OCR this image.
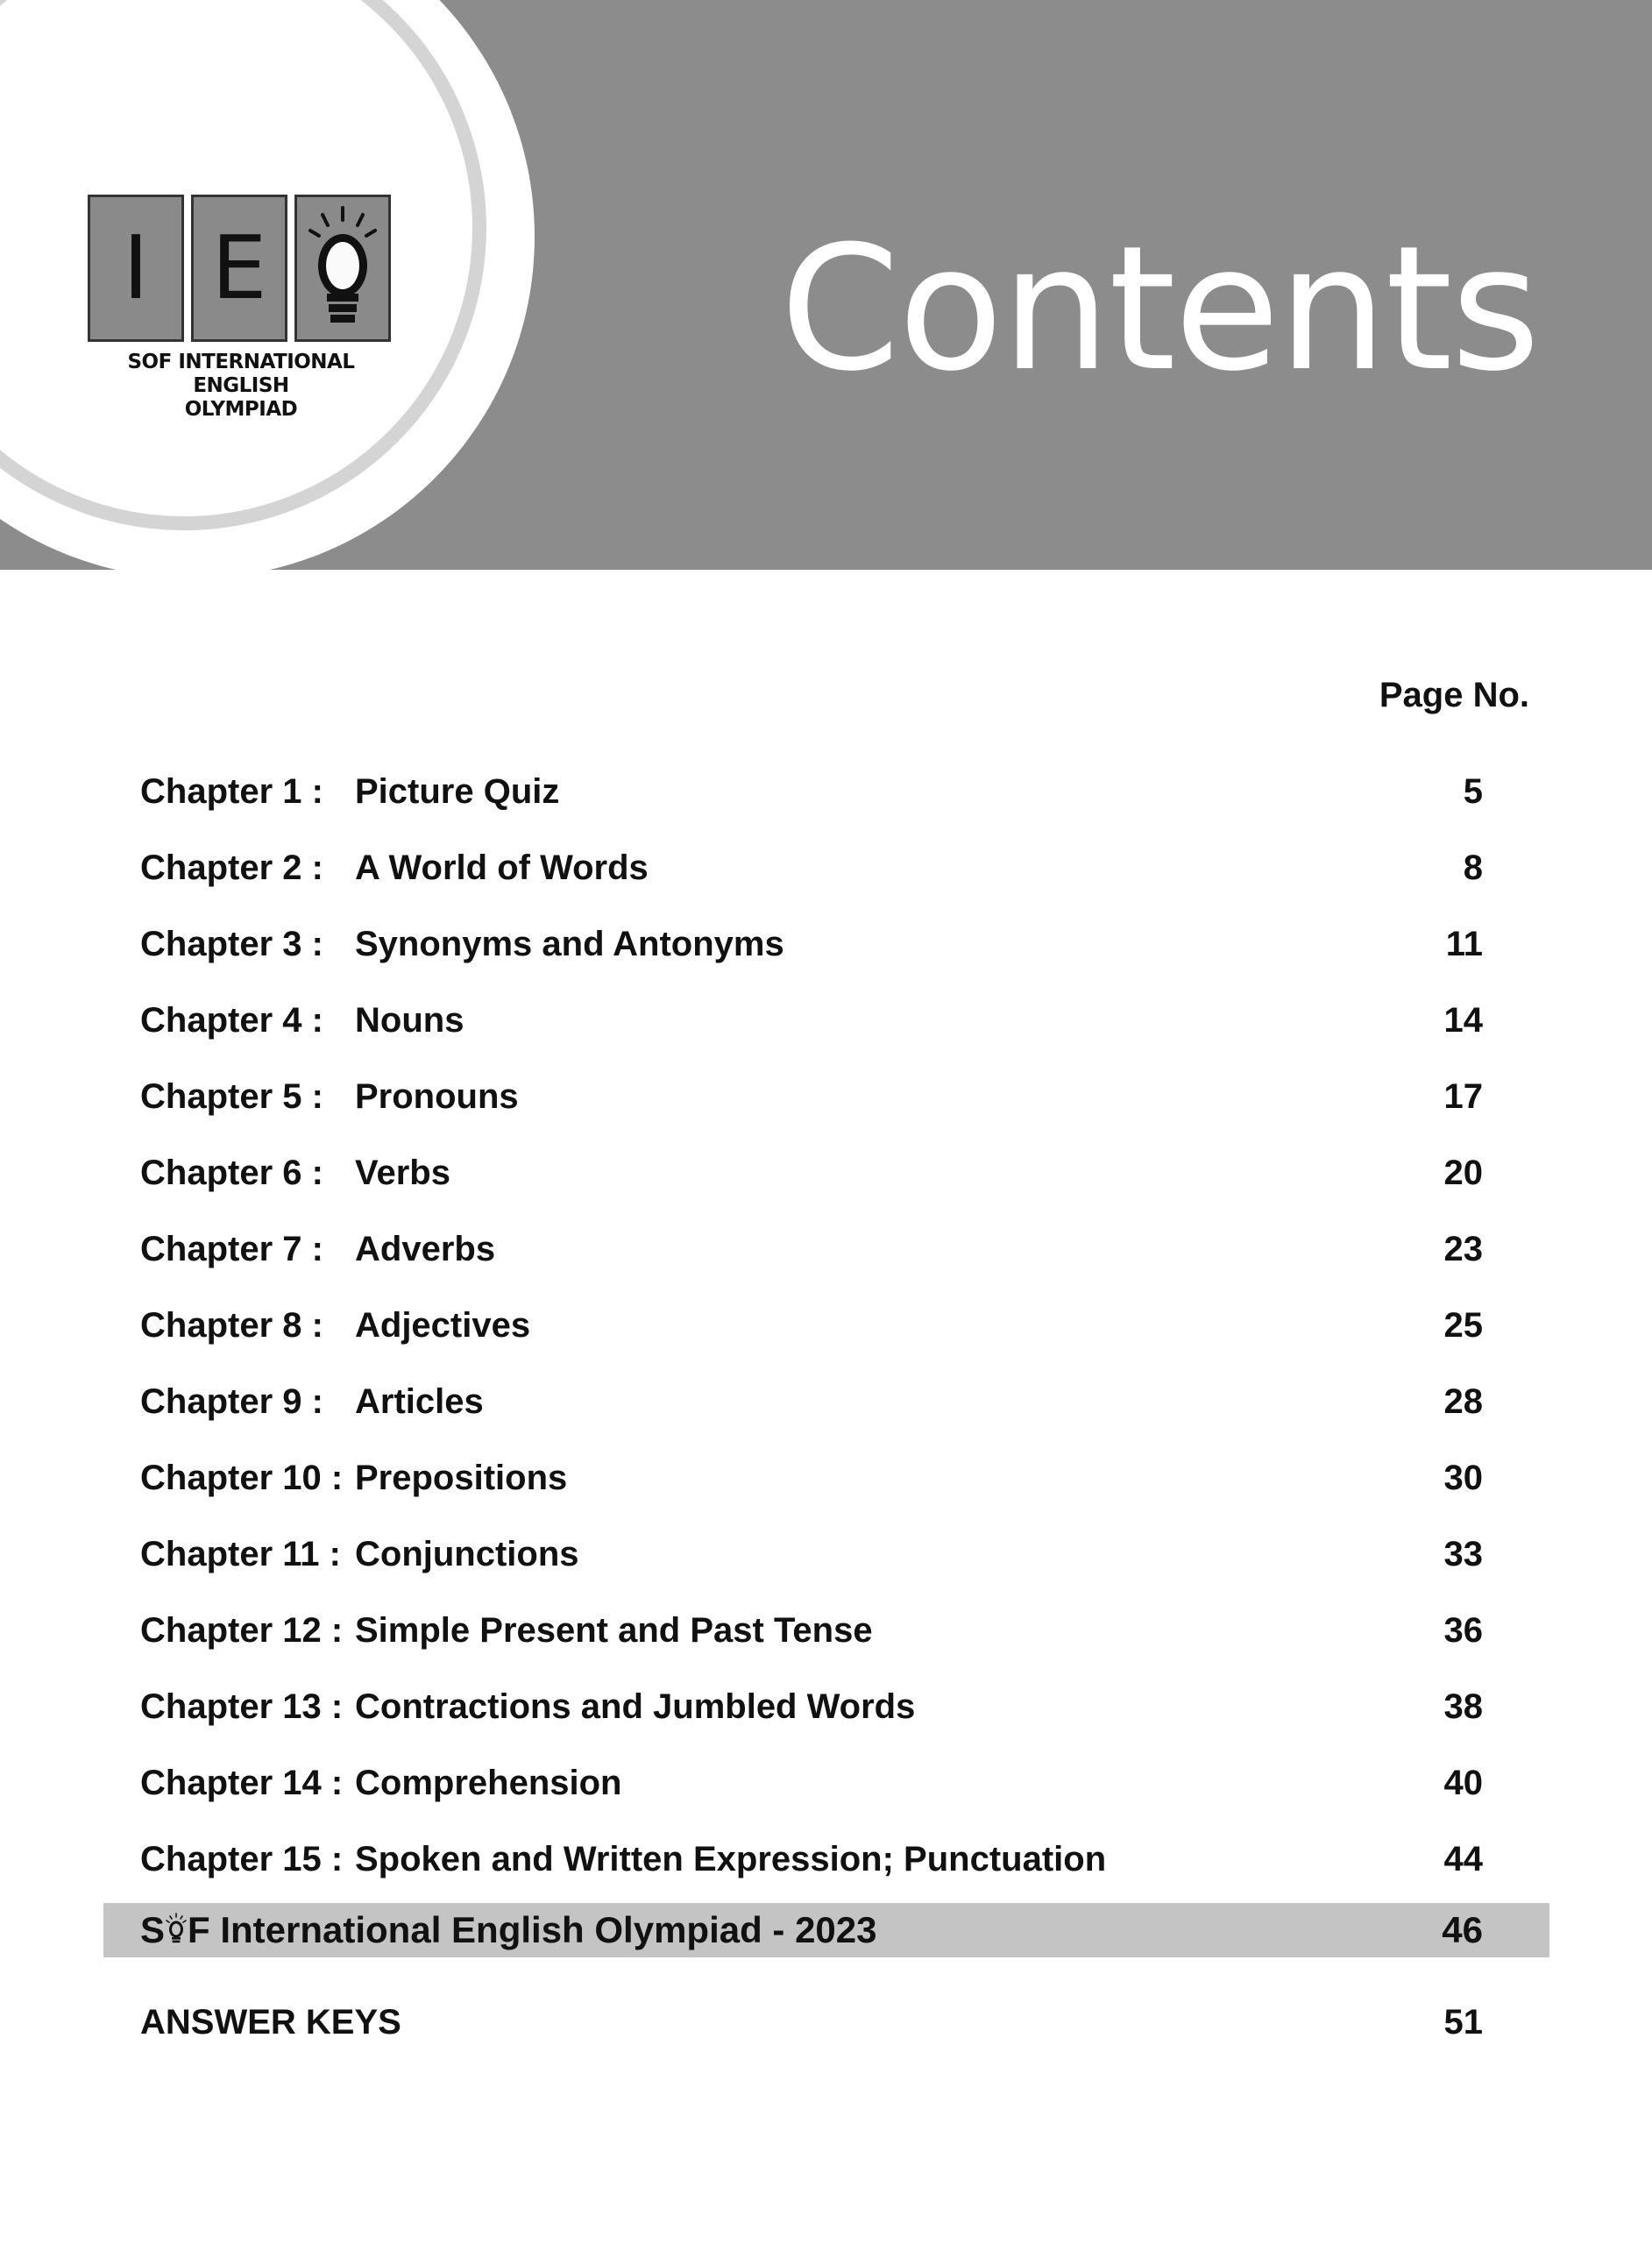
I E
SOF INTERNATIONAL ENGLISH
OLYMPIAD	Contents
Page No.
Chapter 1 : Picture Quiz	5
Chapter 2 : A World of Words	8
Chapter 3 : Synonyms and Antonyms	11
Chapter 4 : Nouns	14
Chapter 5 : Pronouns	17
Chapter 6 : Verbs	20
Chapter 7 : Adverbs	23
Chapter 8 : Adjectives	25
Chapter 9 : Articles	28
Chapter 10 : Prepositions	30
Chapter 11 : Conjunctions	33
Chapter 12 : Simple Present and Past Tense	36
Chapter 13 : Contractions and Jumbled Words	38
Chapter 14 : Comprehension	40
Chapter 15 : Spoken and Written Expression; Punctuation	44
S F International English Olympiad - 2023	46
ANSWER KEYS	51
